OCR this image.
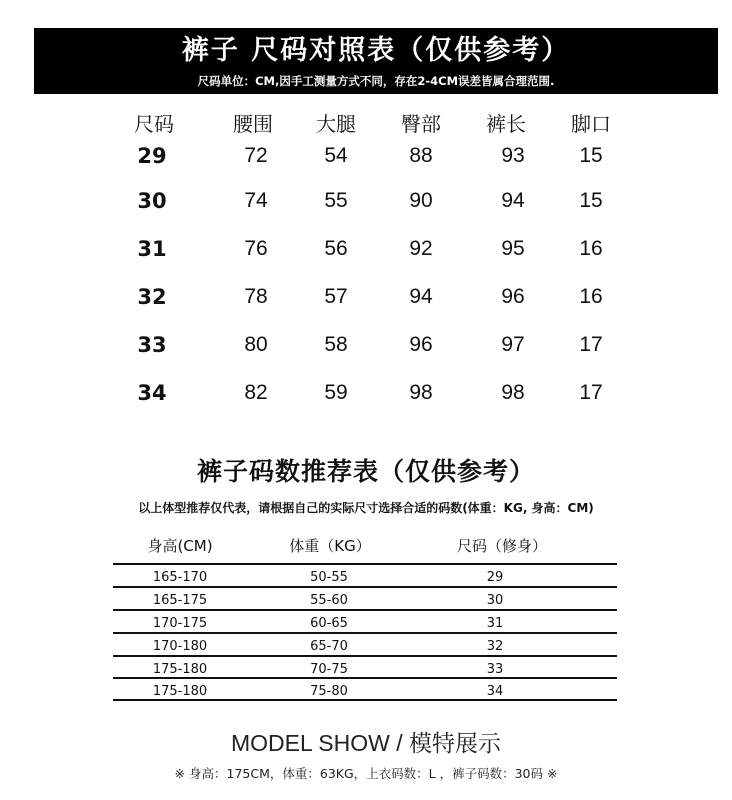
裤子 尺码对照表（仅供参考）
尺码单位：CM,因手工测量方式不同，存在2-4CM误差皆属合理范围.
尺码	腰围 大腿 臀部 裤长 脚口
29	72	54	88	93	15
30	74	55	90	94	15
31	76	56	92	95	16
32	78	57	94	96	16
33	80	58	96	97	17
34	82	59	98	98	17
裤子码数推荐表（仅供参考）
以上体型推荐仅代表，请根据自己的实际尺寸选择合适的码数(体重：KG, 身高：CM)
身高(CM)	体重（KG）	尺码（修身）
165-170	50-55	29
165-175	55-60	30
170-175	60-65	31
170-180	65-70	32
175-180	70-75	33
175-180	75-80	34
MODEL SHOW / 模特展示
※ 身高：175CM，体重：63KG，上衣码数：L ，裤子码数：30码 ※
